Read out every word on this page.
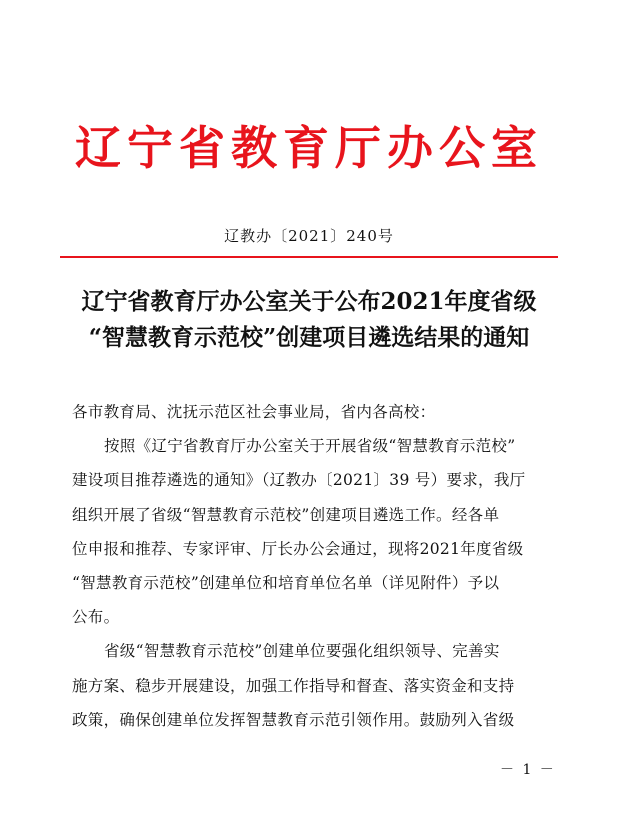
辽宁省教育厅办公室
辽教办〔2021〕240号
辽宁省教育厅办公室关于公布2021年度省级
“智慧教育示范校”创建项目遴选结果的通知
各市教育局、沈抚示范区社会事业局，省内各高校：
按照《辽宁省教育厅办公室关于开展省级“智慧教育示范校”
建设项目推荐遴选的通知》（辽教办〔2021〕39 号）要求，我厅
组织开展了省级“智慧教育示范校”创建项目遴选工作。经各单
位申报和推荐、专家评审、厅长办公会通过，现将2021年度省级
“智慧教育示范校”创建单位和培育单位名单（详见附件）予以
公布。
省级“智慧教育示范校”创建单位要强化组织领导、完善实
施方案、稳步开展建设，加强工作指导和督查、落实资金和支持
政策，确保创建单位发挥智慧教育示范引领作用。鼓励列入省级
－ 1 －
